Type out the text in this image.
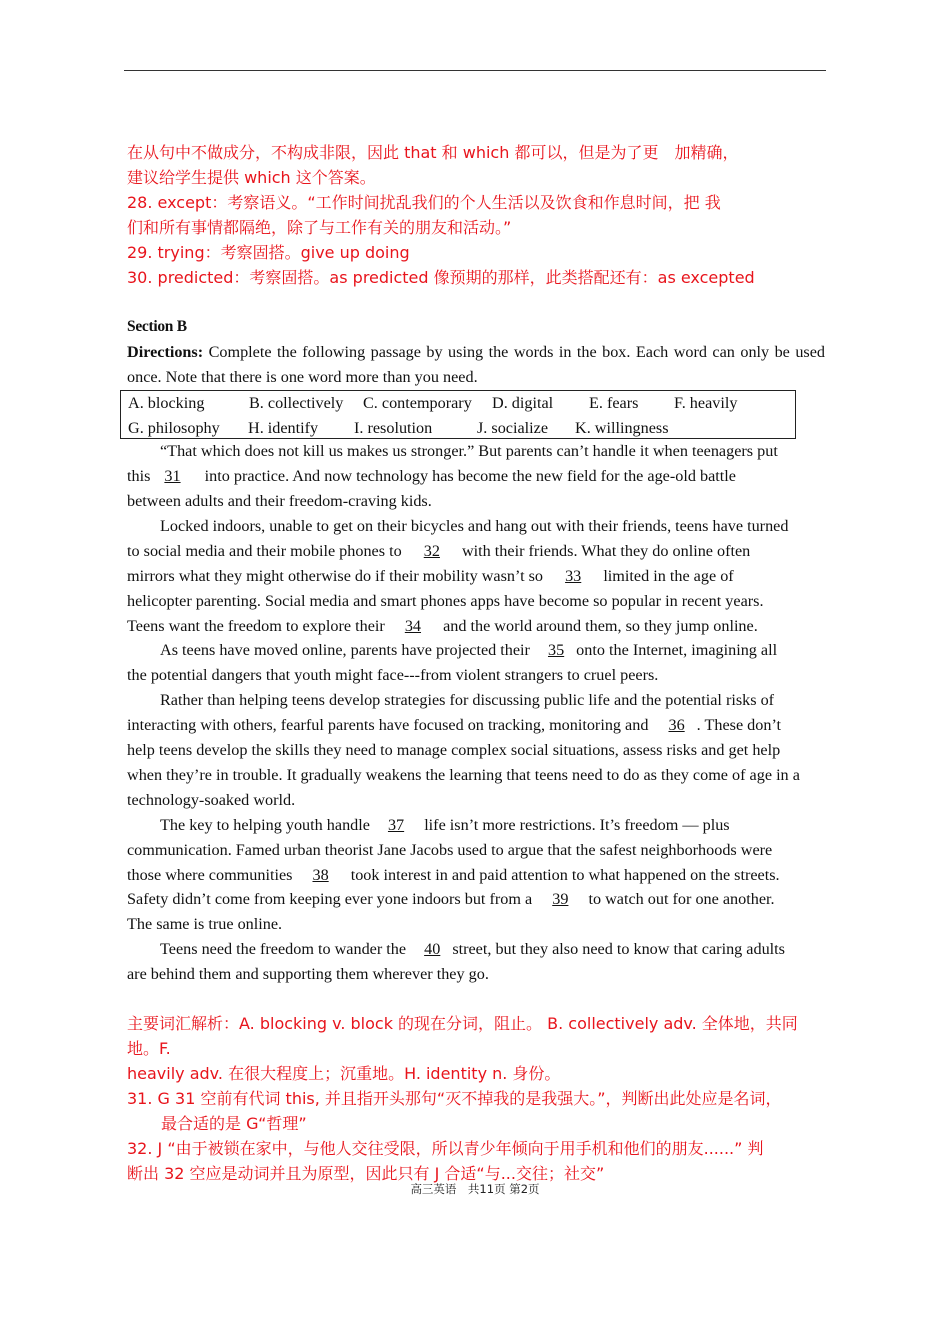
在从句中不做成分，不构成非限，因此 that 和 which 都可以，但是为了更　加精确，

建议给学生提供 which 这个答案。

28. except：考察语义。“工作时间扰乱我们的个人生活以及饮食和作息时间，把 我

们和所有事情都隔绝，除了与工作有关的朋友和活动。”

29. trying：考察固搭。give up doing

30. predicted：考察固搭。as predicted 像预期的那样，此类搭配还有：as excepted

Section B

Directions: Complete the following passage by using the words in the box. Each word can only be used once. Note that there is one word more than you need.

A. blocking	B. collectively C. contemporary D. digital E. fears F. heavily
G. philosophy H. identify I. resolution	J. socialize K. willingness

“That which does not kill us makes us stronger.” But parents can’t handle it when teenagers put

this 31 into practice. And now technology has become the new field for the age-old battle

between adults and their freedom-craving kids.

Locked indoors, unable to get on their bicycles and hang out with their friends, teens have turned

to social media and their mobile phones to 32 with their friends. What they do online often

mirrors what they might otherwise do if their mobility wasn’t so 33 limited in the age of

helicopter parenting. Social media and smart phones apps have become so popular in recent years.

Teens want the freedom to explore their 34 and the world around them, so they jump online.

As teens have moved online, parents have projected their 35 onto the Internet, imagining all

the potential dangers that youth might face---from violent strangers to cruel peers.

Rather than helping teens develop strategies for discussing public life and the potential risks of

interacting with others, fearful parents have focused on tracking, monitoring and 36 . These don’t

help teens develop the skills they need to manage complex social situations, assess risks and get help

when they’re in trouble. It gradually weakens the learning that teens need to do as they come of age in a

technology-soaked world.

The key to helping youth handle 37 life isn’t more restrictions. It’s freedom — plus

communication. Famed urban theorist Jane Jacobs used to argue that the safest neighborhoods were

those where communities 38 took interest in and paid attention to what happened on the streets.

Safety didn’t come from keeping ever yone indoors but from a 39 to watch out for one another.

The same is true online.

Teens need the freedom to wander the 40 street, but they also need to know that caring adults

are behind them and supporting them wherever they go.

主要词汇解析：A. blocking v. block 的现在分词，阻止。 B. collectively adv. 全体地，共同地。F.

heavily adv. 在很大程度上；沉重地。H. identity n. 身份。

31. G 31 空前有代词 this, 并且指开头那句“灭不掉我的是我强大。”，判断出此处应是名词，

最合适的是 G“哲理”

32. J “由于被锁在家中，与他人交往受限，所以青少年倾向于用手机和他们的朋友......” 判

断出 32 空应是动词并且为原型，因此只有 J 合适“与...交往；社交”

高三英语　共11页 第2页
